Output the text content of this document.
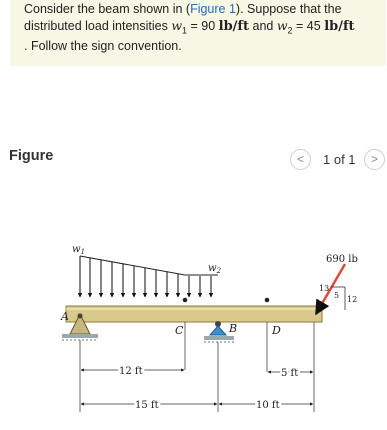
Consider the beam shown in (Figure 1). Suppose that the
distributed load intensities $w_1 = 90$ lb/ft and $w_2 = 45$ lb/ft
. Follow the sign convention.
Figure	<	1 of 1	>
$w_1$
$w_2$
A
B
C	D
690 lb
13
12
5
12 ft	5 ft
15 ft	10 ft
